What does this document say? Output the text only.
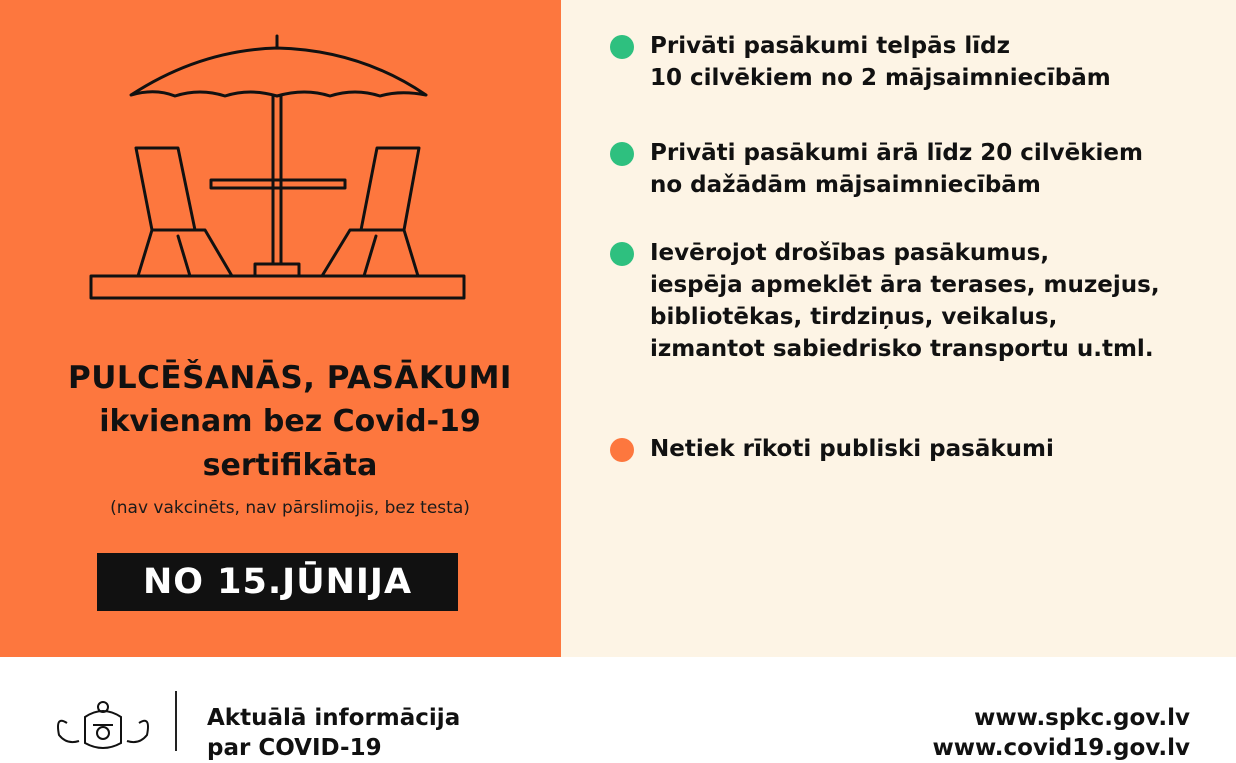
PULCĒŠANĀS, PASĀKUMI
ikvienam bez Covid-19
sertifikāta
(nav vakcinēts, nav pārslimojis, bez testa)
NO 15.JŪNIJA
Privāti pasākumi telpās līdz
10 cilvēkiem no 2 mājsaimniecībām
Privāti pasākumi ārā līdz 20 cilvēkiem
no dažādām mājsaimniecībām
Ievērojot drošības pasākumus,
iespēja apmeklēt āra terases, muzejus,
bibliotēkas, tirdziņus, veikalus,
izmantot sabiedrisko transportu u.tml.
Netiek rīkoti publiski pasākumi
Aktuālā informācija
par COVID-19
www.spkc.gov.lv
www.covid19.gov.lv
